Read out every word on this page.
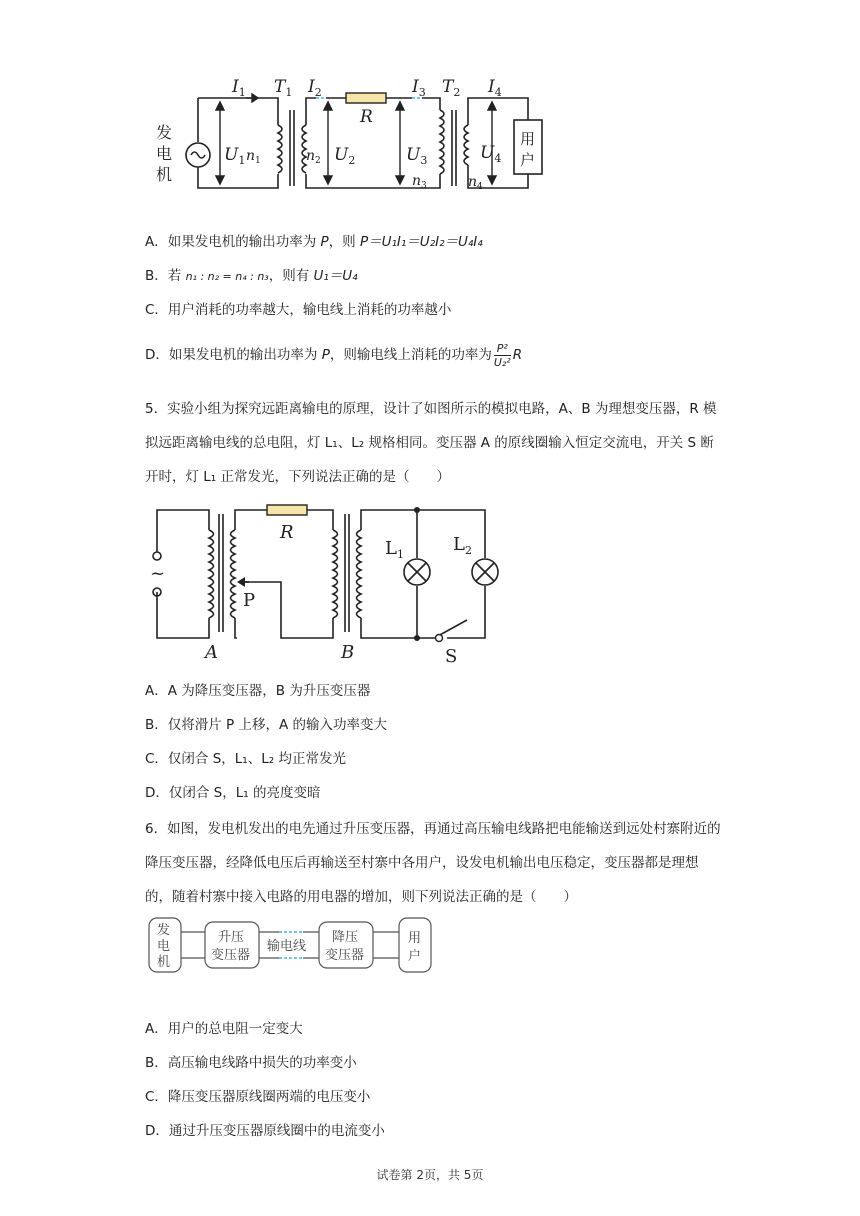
发
电
机
$I_1$ $T_1$ $I_2$
R
$I_3$ $T_2$ $I_4$
$U_1$	$U_2$	$U_3$	$U_4$
$n_1$	$n_2$
$n_3$	$n_4$
用
户
A．如果发电机的输出功率为 P，则 P＝U₁I₁＝U₂I₂＝U₄I₄
B．若 n₁ : n₂ = n₄ : n₃，则有 U₁＝U₄
C．用户消耗的功率越大，输电线上消耗的功率越小
D．如果发电机的输出功率为 P，则输电线上消耗的功率为 $\frac{\text{P²}}{\text{U₂²}}$ R
5．实验小组为探究远距离输电的原理，设计了如图所示的模拟电路，A、B 为理想变压器，R 模拟远距离输电线的总电阻，灯 L₁、L₂ 规格相同。变压器 A 的原线圈输入恒定交流电，开关 S 断开时，灯 L₁ 正常发光，下列说法正确的是（　　）
~
R
P
A	B
$L_1$	$L_2$
S
A．A 为降压变压器，B 为升压变压器
B．仅将滑片 P 上移，A 的输入功率变大
C．仅闭合 S，L₁、L₂ 均正常发光
D．仅闭合 S，L₁ 的亮度变暗
6．如图，发电机发出的电先通过升压变压器，再通过高压输电线路把电能输送到远处村寨附近的降压变压器，经降低电压后再输送至村寨中各用户，设发电机输出电压稳定，变压器都是理想的，随着村寨中接入电路的用电器的增加，则下列说法正确的是（　　）
发
电
机
升压
变压器
输电线
降压
变压器
用
户
A．用户的总电阻一定变大
B．高压输电线路中损失的功率变小
C．降压变压器原线圈两端的电压变小
D．通过升压变压器原线圈中的电流变小
试卷第 2页，共 5页
